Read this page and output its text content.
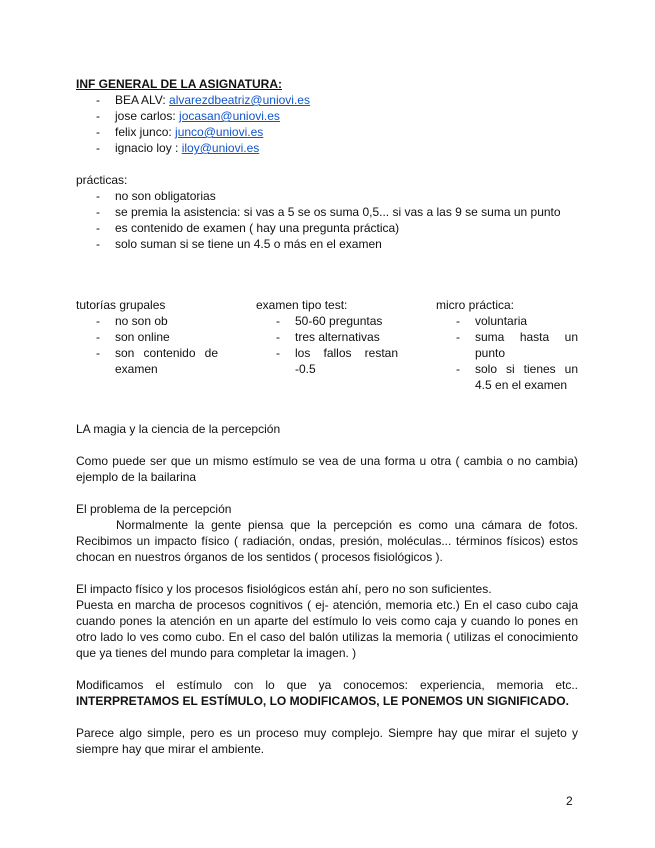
INF GENERAL DE LA ASIGNATURA:
- BEA ALV: alvarezdbeatriz@uniovi.es
- jose carlos: jocasan@uniovi.es
- felix junco: junco@uniovi.es
- ignacio loy : iloy@uniovi.es
prácticas:
- no son obligatorias
- se premia la asistencia: si vas a 5 se os suma 0,5... si vas a las 9 se suma un punto
- es contenido de examen ( hay una pregunta práctica)
- solo suman si se tiene un 4.5 o más en el examen
tutorías grupales
- no son ob
- son online
- son contenido de examen
examen tipo test:
- 50-60 preguntas
- tres alternativas
- los fallos restan -0.5
micro práctica:
- voluntaria
- suma hasta un punto
- solo si tienes un 4.5 en el examen

LA magia y la ciencia de la percepción

Como puede ser que un mismo estímulo se vea de una forma u otra ( cambia o no cambia) ejemplo de la bailarina

El problema de la percepción

Normalmente la gente piensa que la percepción es como una cámara de fotos. Recibimos un impacto físico ( radiación, ondas, presión, moléculas... términos físicos) estos chocan en nuestros órganos de los sentidos ( procesos fisiológicos ).

El impacto físico y los procesos fisiológicos están ahí, pero no son suficientes.

Puesta en marcha de procesos cognitivos ( ej- atención, memoria etc.) En el caso cubo caja cuando pones la atención en un aparte del estímulo lo veis como caja y cuando lo pones en otro lado lo ves como cubo. En el caso del balón utilizas la memoria ( utilizas el conocimiento que ya tienes del mundo para completar la imagen. )

Modificamos el estímulo con lo que ya conocemos: experiencia, memoria etc.. INTERPRETAMOS EL ESTÍMULO, LO MODIFICAMOS, LE PONEMOS UN SIGNIFICADO.

Parece algo simple, pero es un proceso muy complejo. Siempre hay que mirar el sujeto y siempre hay que mirar el ambiente.

2
